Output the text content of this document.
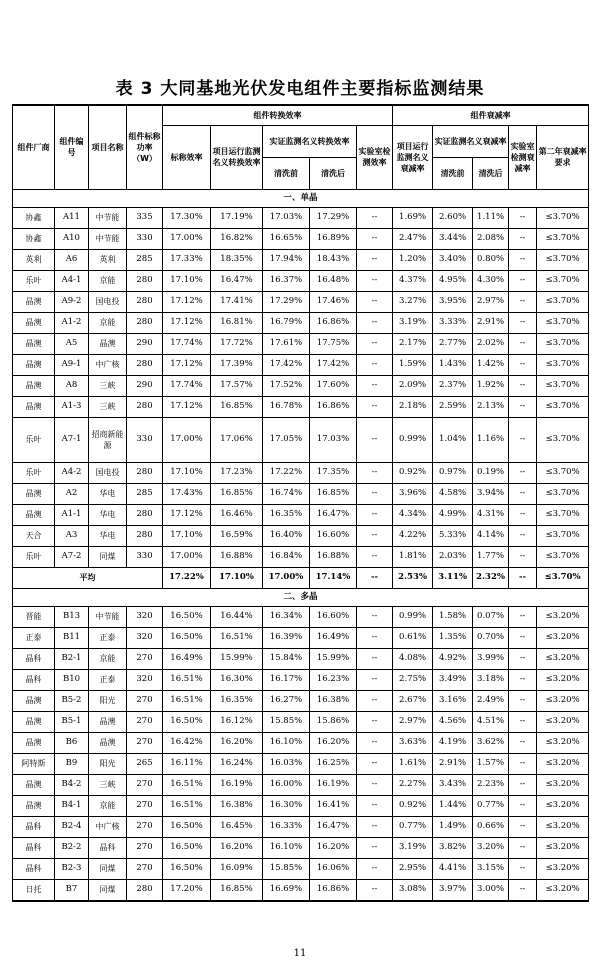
表 3 大同基地光伏发电组件主要指标监测结果
组件厂商	组件编号	项目名称	组件标称功率（W）	组件转换效率					组件衰减率				
				标称效率	项目运行监测名义转换效率	实证监测名义转换效率		实验室检测效率	项目运行监测名义衰减率	实证监测名义衰减率		实验室检测衰减率	第二年衰减率要求
						清洗前	清洗后			清洗前	清洗后		
一、单晶													
协鑫	A11	中节能	335	17.30%	17.19%	17.03%	17.29%	--	1.69%	2.60%	1.11%	--	≤3.70%
协鑫	A10	中节能	330	17.00%	16.82%	16.65%	16.89%	--	2.47%	3.44%	2.08%	--	≤3.70%
英利	A6	英利	285	17.33%	18.35%	17.94%	18.43%	--	1.20%	3.40%	0.80%	--	≤3.70%
乐叶	A4-1	京能	280	17.10%	16.47%	16.37%	16.48%	--	4.37%	4.95%	4.30%	--	≤3.70%
晶澳	A9-2	国电投	280	17.12%	17.41%	17.29%	17.46%	--	3.27%	3.95%	2.97%	--	≤3.70%
晶澳	A1-2	京能	280	17.12%	16.81%	16.79%	16.86%	--	3.19%	3.33%	2.91%	--	≤3.70%
晶澳	A5	晶澳	290	17.74%	17.72%	17.61%	17.75%	--	2.17%	2.77%	2.02%	--	≤3.70%
晶澳	A9-1	中广核	280	17.12%	17.39%	17.42%	17.42%	--	1.59%	1.43%	1.42%	--	≤3.70%
晶澳	A8	三峡	290	17.74%	17.57%	17.52%	17.60%	--	2.09%	2.37%	1.92%	--	≤3.70%
晶澳	A1-3	三峡	280	17.12%	16.85%	16.78%	16.86%	--	2.18%	2.59%	2.13%	--	≤3.70%
乐叶	A7-1	招商新能源	330	17.00%	17.06%	17.05%	17.03%	--	0.99%	1.04%	1.16%	--	≤3.70%
乐叶	A4-2	国电投	280	17.10%	17.23%	17.22%	17.35%	--	0.92%	0.97%	0.19%	--	≤3.70%
晶澳	A2	华电	285	17.43%	16.85%	16.74%	16.85%	--	3.96%	4.58%	3.94%	--	≤3.70%
晶澳	A1-1	华电	280	17.12%	16.46%	16.35%	16.47%	--	4.34%	4.99%	4.31%	--	≤3.70%
天合	A3	华电	280	17.10%	16.59%	16.40%	16.60%	--	4.22%	5.33%	4.14%	--	≤3.70%
乐叶	A7-2	同煤	330	17.00%	16.88%	16.84%	16.88%	--	1.81%	2.03%	1.77%	--	≤3.70%
平均				17.22%	17.10%	17.00%	17.14%	--	2.53%	3.11%	2.32%	--	≤3.70%
二、多晶													
晋能	B13	中节能	320	16.50%	16.44%	16.34%	16.60%	--	0.99%	1.58%	0.07%	--	≤3.20%
正泰	B11	正泰	320	16.50%	16.51%	16.39%	16.49%	--	0.61%	1.35%	0.70%	--	≤3.20%
晶科	B2-1	京能	270	16.49%	15.99%	15.84%	15.99%	--	4.08%	4.92%	3.99%	--	≤3.20%
晶科	B10	正泰	320	16.51%	16.30%	16.17%	16.23%	--	2.75%	3.49%	3.18%	--	≤3.20%
晶澳	B5-2	阳光	270	16.51%	16.35%	16.27%	16.38%	--	2.67%	3.16%	2.49%	--	≤3.20%
晶澳	B5-1	晶澳	270	16.50%	16.12%	15.85%	15.86%	--	2.97%	4.56%	4.51%	--	≤3.20%
晶澳	B6	晶澳	270	16.42%	16.20%	16.10%	16.20%	--	3.63%	4.19%	3.62%	--	≤3.20%
阿特斯	B9	阳光	265	16.11%	16.24%	16.03%	16.25%	--	1.61%	2.91%	1.57%	--	≤3.20%
晶澳	B4-2	三峡	270	16.51%	16.19%	16.00%	16.19%	--	2.27%	3.43%	2.23%	--	≤3.20%
晶澳	B4-1	京能	270	16.51%	16.38%	16.30%	16.41%	--	0.92%	1.44%	0.77%	--	≤3.20%
晶科	B2-4	中广核	270	16.50%	16.45%	16.33%	16.47%	--	0.77%	1.49%	0.66%	--	≤3.20%
晶科	B2-2	晶科	270	16.50%	16.20%	16.10%	16.20%	--	3.19%	3.82%	3.20%	--	≤3.20%
晶科	B2-3	同煤	270	16.50%	16.09%	15.85%	16.06%	--	2.95%	4.41%	3.15%	--	≤3.20%
日托	B7	同煤	280	17.20%	16.85%	16.69%	16.86%	--	3.08%	3.97%	3.00%	--	≤3.20%
11
